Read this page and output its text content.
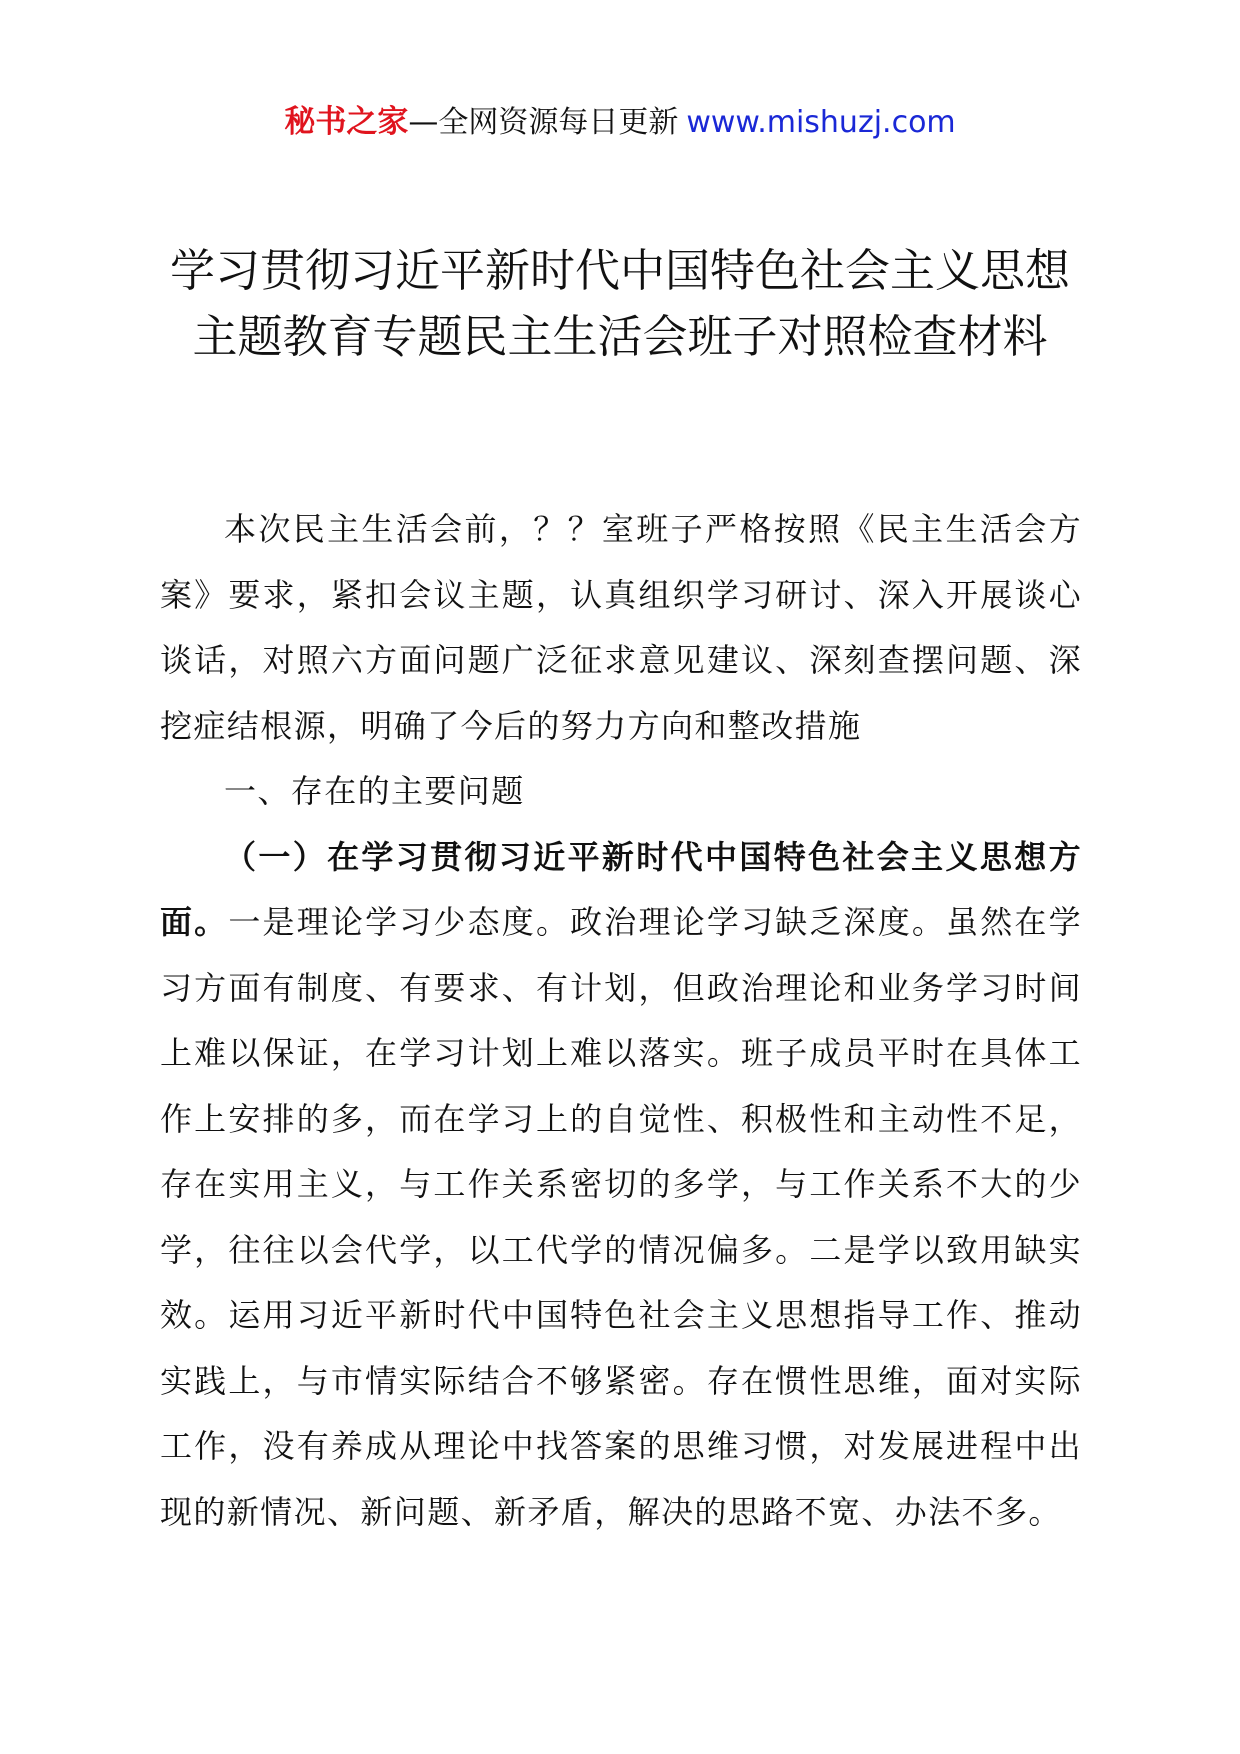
秘书之家—全网资源每日更新 www.mishuzj.com
学习贯彻习近平新时代中国特色社会主义思想
主题教育专题民主生活会班子对照检查材料

本次民主生活会前，？？室班子严格按照《民主生活会方案》要求，紧扣会议主题，认真组织学习研讨、深入开展谈心谈话，对照六方面问题广泛征求意见建议、深刻查摆问题、深挖症结根源，明确了今后的努力方向和整改措施

一、存在的主要问题

（一）在学习贯彻习近平新时代中国特色社会主义思想方面。一是理论学习少态度。政治理论学习缺乏深度。虽然在学习方面有制度、有要求、有计划，但政治理论和业务学习时间上难以保证，在学习计划上难以落实。班子成员平时在具体工作上安排的多，而在学习上的自觉性、积极性和主动性不足，存在实用主义，与工作关系密切的多学，与工作关系不大的少学，往往以会代学，以工代学的情况偏多。二是学以致用缺实效。运用习近平新时代中国特色社会主义思想指导工作、推动实践上，与市情实际结合不够紧密。存在惯性思维，面对实际工作，没有养成从理论中找答案的思维习惯，对发展进程中出现的新情况、新问题、新矛盾，解决的思路不宽、办法不多。
